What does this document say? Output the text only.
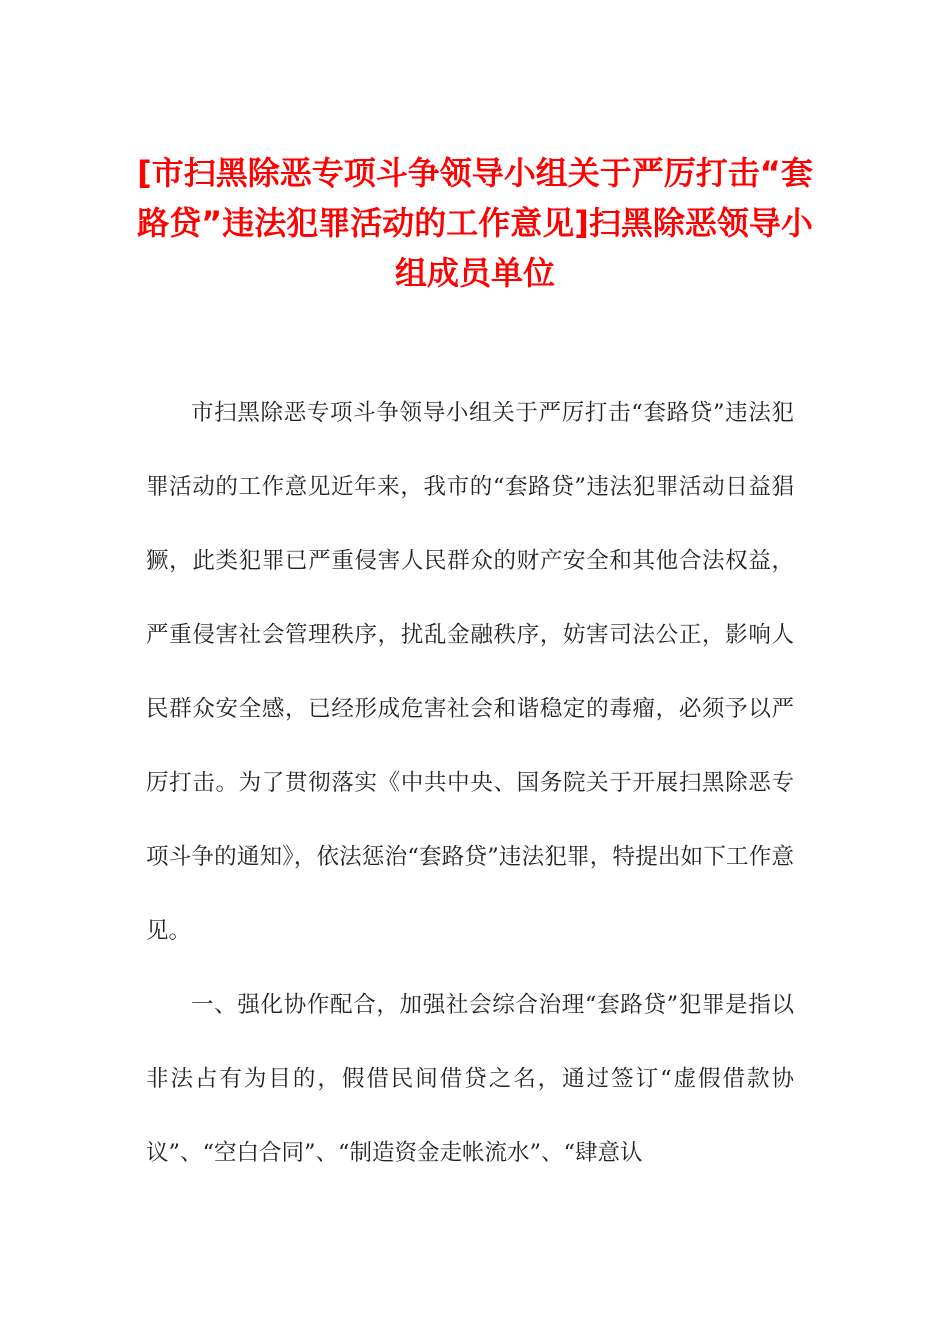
[市扫黑除恶专项斗争领导小组关于严厉打击“套路贷”违法犯罪活动的工作意见]扫黑除恶领导小组成员单位

市扫黑除恶专项斗争领导小组关于严厉打击“套路贷”违法犯罪活动的工作意见近年来，我市的“套路贷”违法犯罪活动日益猖獗，此类犯罪已严重侵害人民群众的财产安全和其他合法权益，严重侵害社会管理秩序，扰乱金融秩序，妨害司法公正，影响人民群众安全感，已经形成危害社会和谐稳定的毒瘤，必须予以严厉打击。为了贯彻落实《中共中央、国务院关于开展扫黑除恶专项斗争的通知》，依法惩治“套路贷”违法犯罪，特提出如下工作意见。

一、强化协作配合，加强社会综合治理“套路贷”犯罪是指以非法占有为目的，假借民间借贷之名，通过签订“虚假借款协议”、“空白合同”、“制造资金走帐流水”、“肆意认
